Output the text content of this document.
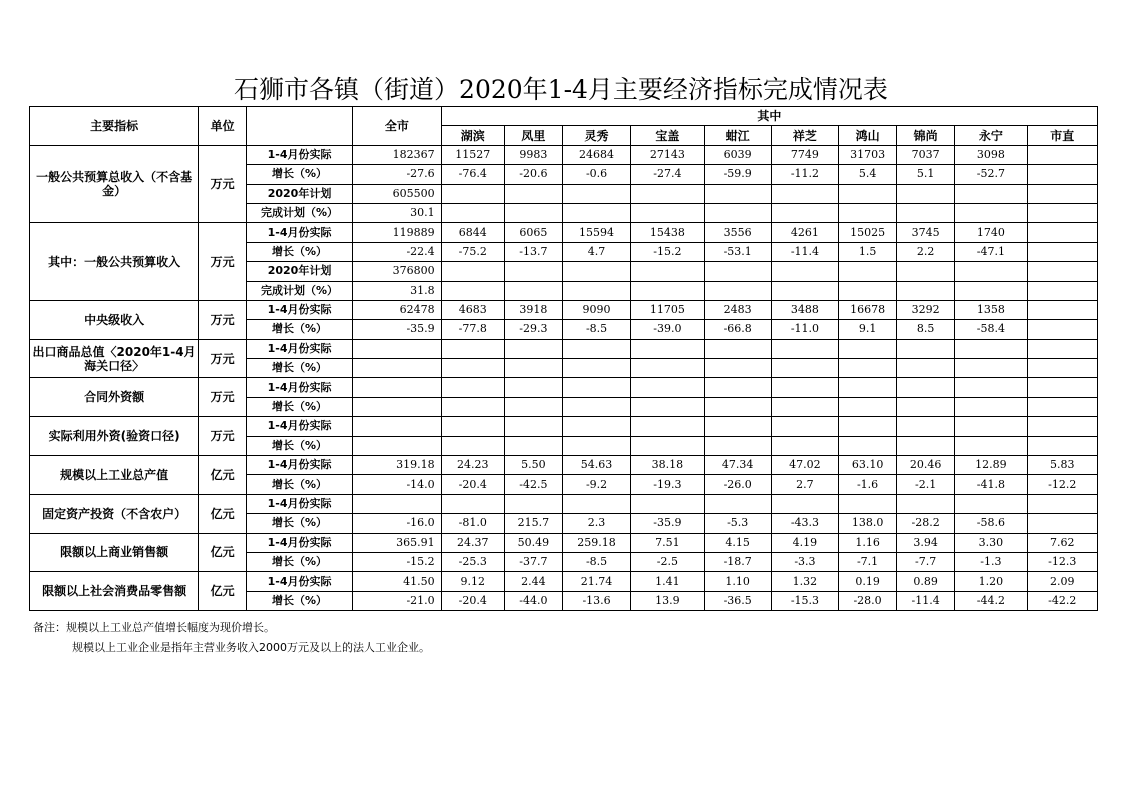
石狮市各镇（街道）2020年1-4月主要经济指标完成情况表
主要指标	单位		全市	其中									
				湖滨	凤里	灵秀	宝盖	蚶江	祥芝	鸿山	锦尚	永宁	市直
一般公共预算总收入（不含基金）	万元	1-4月份实际	182367	11527	9983	24684	27143	6039	7749	31703	7037	3098	
		增长（%）	-27.6	-76.4	-20.6	-0.6	-27.4	-59.9	-11.2	5.4	5.1	-52.7	
		2020年计划	605500										
		完成计划（%）	30.1										
其中：一般公共预算收入	万元	1-4月份实际	119889	6844	6065	15594	15438	3556	4261	15025	3745	1740	
		增长（%）	-22.4	-75.2	-13.7	4.7	-15.2	-53.1	-11.4	1.5	2.2	-47.1	
		2020年计划	376800										
		完成计划（%）	31.8										
中央级收入	万元	1-4月份实际	62478	4683	3918	9090	11705	2483	3488	16678	3292	1358	
		增长（%）	-35.9	-77.8	-29.3	-8.5	-39.0	-66.8	-11.0	9.1	8.5	-58.4	
出口商品总值〈2020年1-4月海关口径〉	万元	1-4月份实际											
		增长（%）											
合同外资额	万元	1-4月份实际											
		增长（%）											
实际利用外资(验资口径)	万元	1-4月份实际											
		增长（%）											
规模以上工业总产值	亿元	1-4月份实际	319.18	24.23	5.50	54.63	38.18	47.34	47.02	63.10	20.46	12.89	5.83
		增长（%）	-14.0	-20.4	-42.5	-9.2	-19.3	-26.0	2.7	-1.6	-2.1	-41.8	-12.2
固定资产投资（不含农户）	亿元	1-4月份实际											
		增长（%）	-16.0	-81.0	215.7	2.3	-35.9	-5.3	-43.3	138.0	-28.2	-58.6	
限额以上商业销售额	亿元	1-4月份实际	365.91	24.37	50.49	259.18	7.51	4.15	4.19	1.16	3.94	3.30	7.62
		增长（%）	-15.2	-25.3	-37.7	-8.5	-2.5	-18.7	-3.3	-7.1	-7.7	-1.3	-12.3
限额以上社会消费品零售额	亿元	1-4月份实际	41.50	9.12	2.44	21.74	1.41	1.10	1.32	0.19	0.89	1.20	2.09
		增长（%）	-21.0	-20.4	-44.0	-13.6	13.9	-36.5	-15.3	-28.0	-11.4	-44.2	-42.2
备注：规模以上工业总产值增长幅度为现价增长。
规模以上工业企业是指年主营业务收入2000万元及以上的法人工业企业。
